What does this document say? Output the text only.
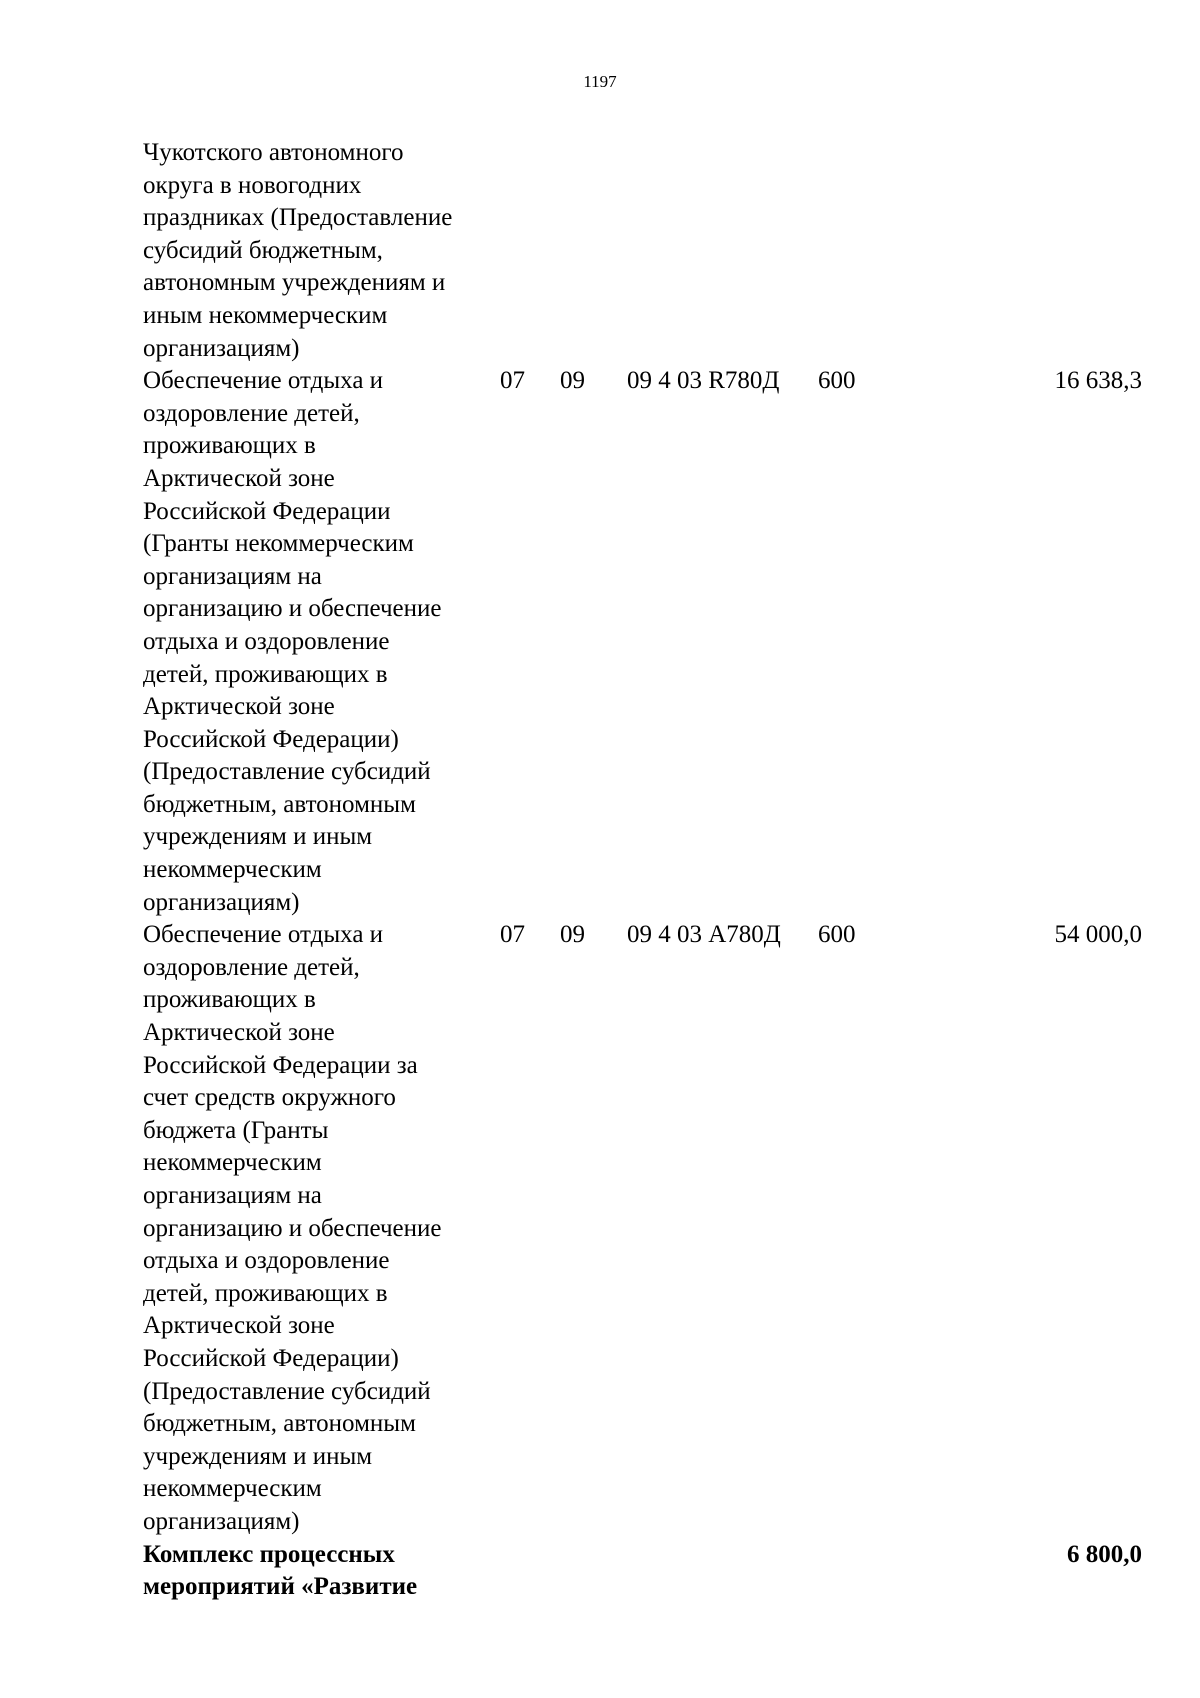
1197
Чукотского автономного
округа в новогодних
праздниках (Предоставление
субсидий бюджетным,
автономным учреждениям и
иным некоммерческим
организациям)
07 09 09 4 03 R780Д 600	16 638,3
Обеспечение отдыха и
оздоровление детей,
проживающих в
Арктической зоне
Российской Федерации
(Гранты некоммерческим
организациям на
организацию и обеспечение
отдыха и оздоровление
детей, проживающих в
Арктической зоне
Российской Федерации)
(Предоставление субсидий
бюджетным, автономным
учреждениям и иным
некоммерческим
организациям)
07 09 09 4 03 А780Д 600	54 000,0
Обеспечение отдыха и
оздоровление детей,
проживающих в
Арктической зоне
Российской Федерации за
счет средств окружного
бюджета (Гранты
некоммерческим
организациям на
организацию и обеспечение
отдыха и оздоровление
детей, проживающих в
Арктической зоне
Российской Федерации)
(Предоставление субсидий
бюджетным, автономным
учреждениям и иным
некоммерческим
организациям)
6 800,0
Комплекс процессных
мероприятий «Развитие
